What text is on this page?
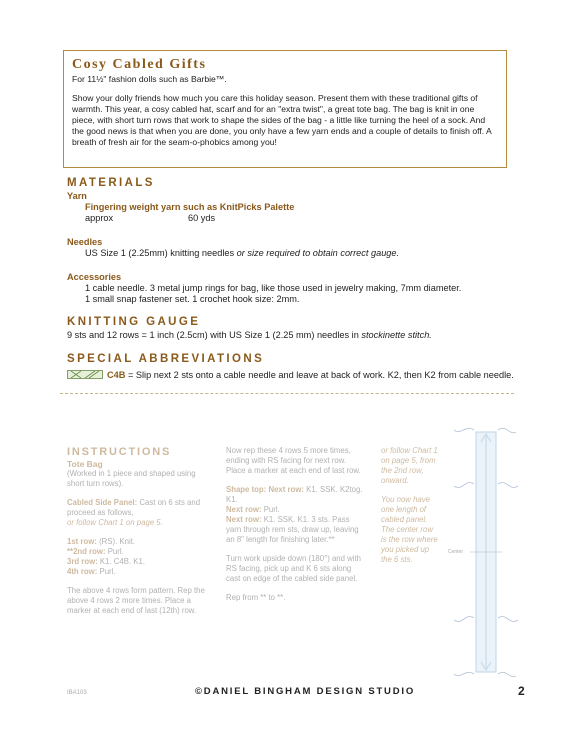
Cosy Cabled Gifts
For 11½" fashion dolls such as Barbie™.

Show your dolly friends how much you care this holiday season. Present them with these traditional gifts of warmth. This year, a cosy cabled hat, scarf and for an "extra twist", a great tote bag. The bag is knit in one piece, with short turn rows that work to shape the sides of the bag - a little like turning the heel of a sock. And the good news is that when you are done, you only have a few yarn ends and a couple of details to finish off. A breath of fresh air for the seam-o-phobics among you!

MATERIALS
Yarn
Fingering weight yarn such as KnitPicks Palette
approx	60 yds
Needles
US Size 1 (2.25mm) knitting needles or size required to obtain correct gauge.
Accessories
1 cable needle. 3 metal jump rings for bag, like those used in jewelry making, 7mm diameter.
1 small snap fastener set. 1 crochet hook size: 2mm.
KNITTING GAUGE
9 sts and 12 rows = 1 inch (2.5cm) with US Size 1 (2.25 mm) needles in stockinette stitch.
SPECIAL ABBREVIATIONS
C4B = Slip next 2 sts onto a cable needle and leave at back of work. K2, then K2 from cable needle.
INSTRUCTIONS
Tote Bag

(Worked in 1 piece and shaped using short turn rows).

Cabled Side Panel: Cast on 6 sts and proceed as follows,
or follow Chart 1 on page 5.

1st row: (RS). Knit.
**2nd row: Purl.
3rd row: K1. C4B. K1.

4th row: Purl.

The above 4 rows form pattern. Rep the above 4 rows 2 more times. Place a marker at each end of last (12th) row.

Now rep these 4 rows 5 more times, ending with RS facing for next row. Place a marker at each end of last row.

Shape top: Next row: K1. SSK. K2tog. K1.
Next row: Purl.

Next row: K1. SSK. K1. 3 sts. Pass yarn through rem sts, draw up, leaving an 8" length for finishing later.**

Turn work upside down (180°) and with RS facing, pick up and K 6 sts along cast on edge of the cabled side panel.

Rep from ** to **.

or follow Chart 1 on page 5, from the 2nd row, onward.

You now have one length of cabled panel. The center row is the row where you picked up the 6 sts.

Center
IBA103	©DANIEL BINGHAM DESIGN STUDIO	2
